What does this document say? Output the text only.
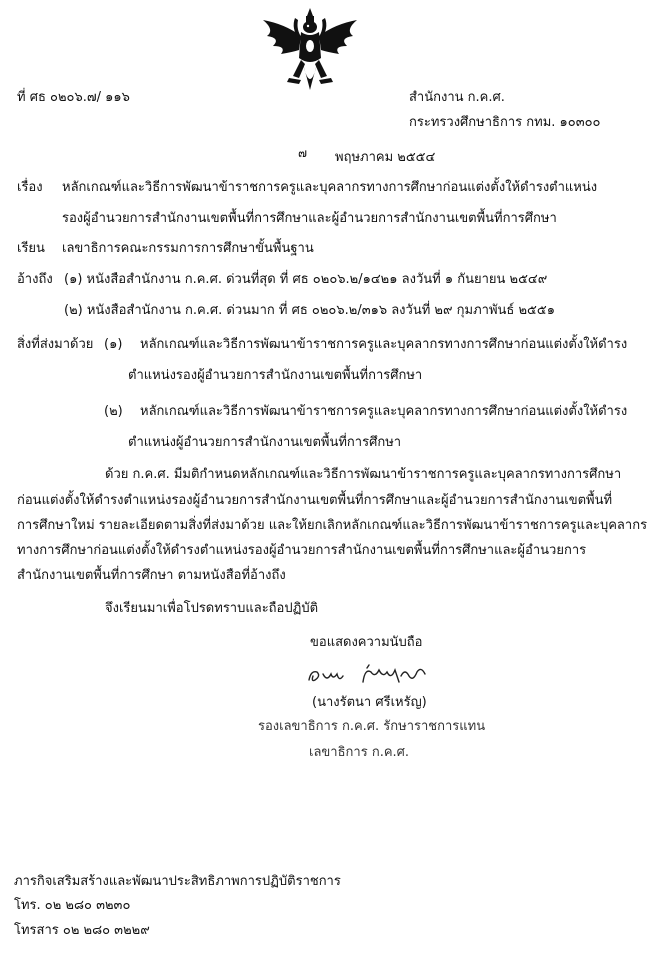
ที่ ศธ ๐๒๐๖.๗/ ๑๑๖	สำนักงาน ก.ค.ศ.
กระทรวงศึกษาธิการ กทม. ๑๐๓๐๐
๗ พฤษภาคม ๒๕๕๔
เรื่อง หลักเกณฑ์และวิธีการพัฒนาข้าราชการครูและบุคลากรทางการศึกษาก่อนแต่งตั้งให้ดำรงตำแหน่ง
รองผู้อำนวยการสำนักงานเขตพื้นที่การศึกษาและผู้อำนวยการสำนักงานเขตพื้นที่การศึกษา
เรียน เลขาธิการคณะกรรมการการศึกษาขั้นพื้นฐาน
อ้างถึง (๑) หนังสือสำนักงาน ก.ค.ศ. ด่วนที่สุด ที่ ศธ ๐๒๐๖.๒/๑๔๒๑ ลงวันที่ ๑ กันยายน ๒๕๔๙
(๒) หนังสือสำนักงาน ก.ค.ศ. ด่วนมาก ที่ ศธ ๐๒๐๖.๒/๓๑๖ ลงวันที่ ๒๙ กุมภาพันธ์ ๒๕๕๑
สิ่งที่ส่งมาด้วย (๑) หลักเกณฑ์และวิธีการพัฒนาข้าราชการครูและบุคลากรทางการศึกษาก่อนแต่งตั้งให้ดำรง
ตำแหน่งรองผู้อำนวยการสำนักงานเขตพื้นที่การศึกษา
(๒) หลักเกณฑ์และวิธีการพัฒนาข้าราชการครูและบุคลากรทางการศึกษาก่อนแต่งตั้งให้ดำรง
ตำแหน่งผู้อำนวยการสำนักงานเขตพื้นที่การศึกษา
ด้วย ก.ค.ศ. มีมติกำหนดหลักเกณฑ์และวิธีการพัฒนาข้าราชการครูและบุคลากรทางการศึกษา
ก่อนแต่งตั้งให้ดำรงตำแหน่งรองผู้อำนวยการสำนักงานเขตพื้นที่การศึกษาและผู้อำนวยการสำนักงานเขตพื้นที่
การศึกษาใหม่ รายละเอียดตามสิ่งที่ส่งมาด้วย และให้ยกเลิกหลักเกณฑ์และวิธีการพัฒนาข้าราชการครูและบุคลากร
ทางการศึกษาก่อนแต่งตั้งให้ดำรงตำแหน่งรองผู้อำนวยการสำนักงานเขตพื้นที่การศึกษาและผู้อำนวยการ
สำนักงานเขตพื้นที่การศึกษา ตามหนังสือที่อ้างถึง
จึงเรียนมาเพื่อโปรดทราบและถือปฏิบัติ
ขอแสดงความนับถือ
(นางรัตนา ศรีเหรัญ)
รองเลขาธิการ ก.ค.ศ. รักษาราชการแทน
เลขาธิการ ก.ค.ศ.
ภารกิจเสริมสร้างและพัฒนาประสิทธิภาพการปฏิบัติราชการ
โทร. ๐๒ ๒๘๐ ๓๒๓๐
โทรสาร ๐๒ ๒๘๐ ๓๒๒๙
